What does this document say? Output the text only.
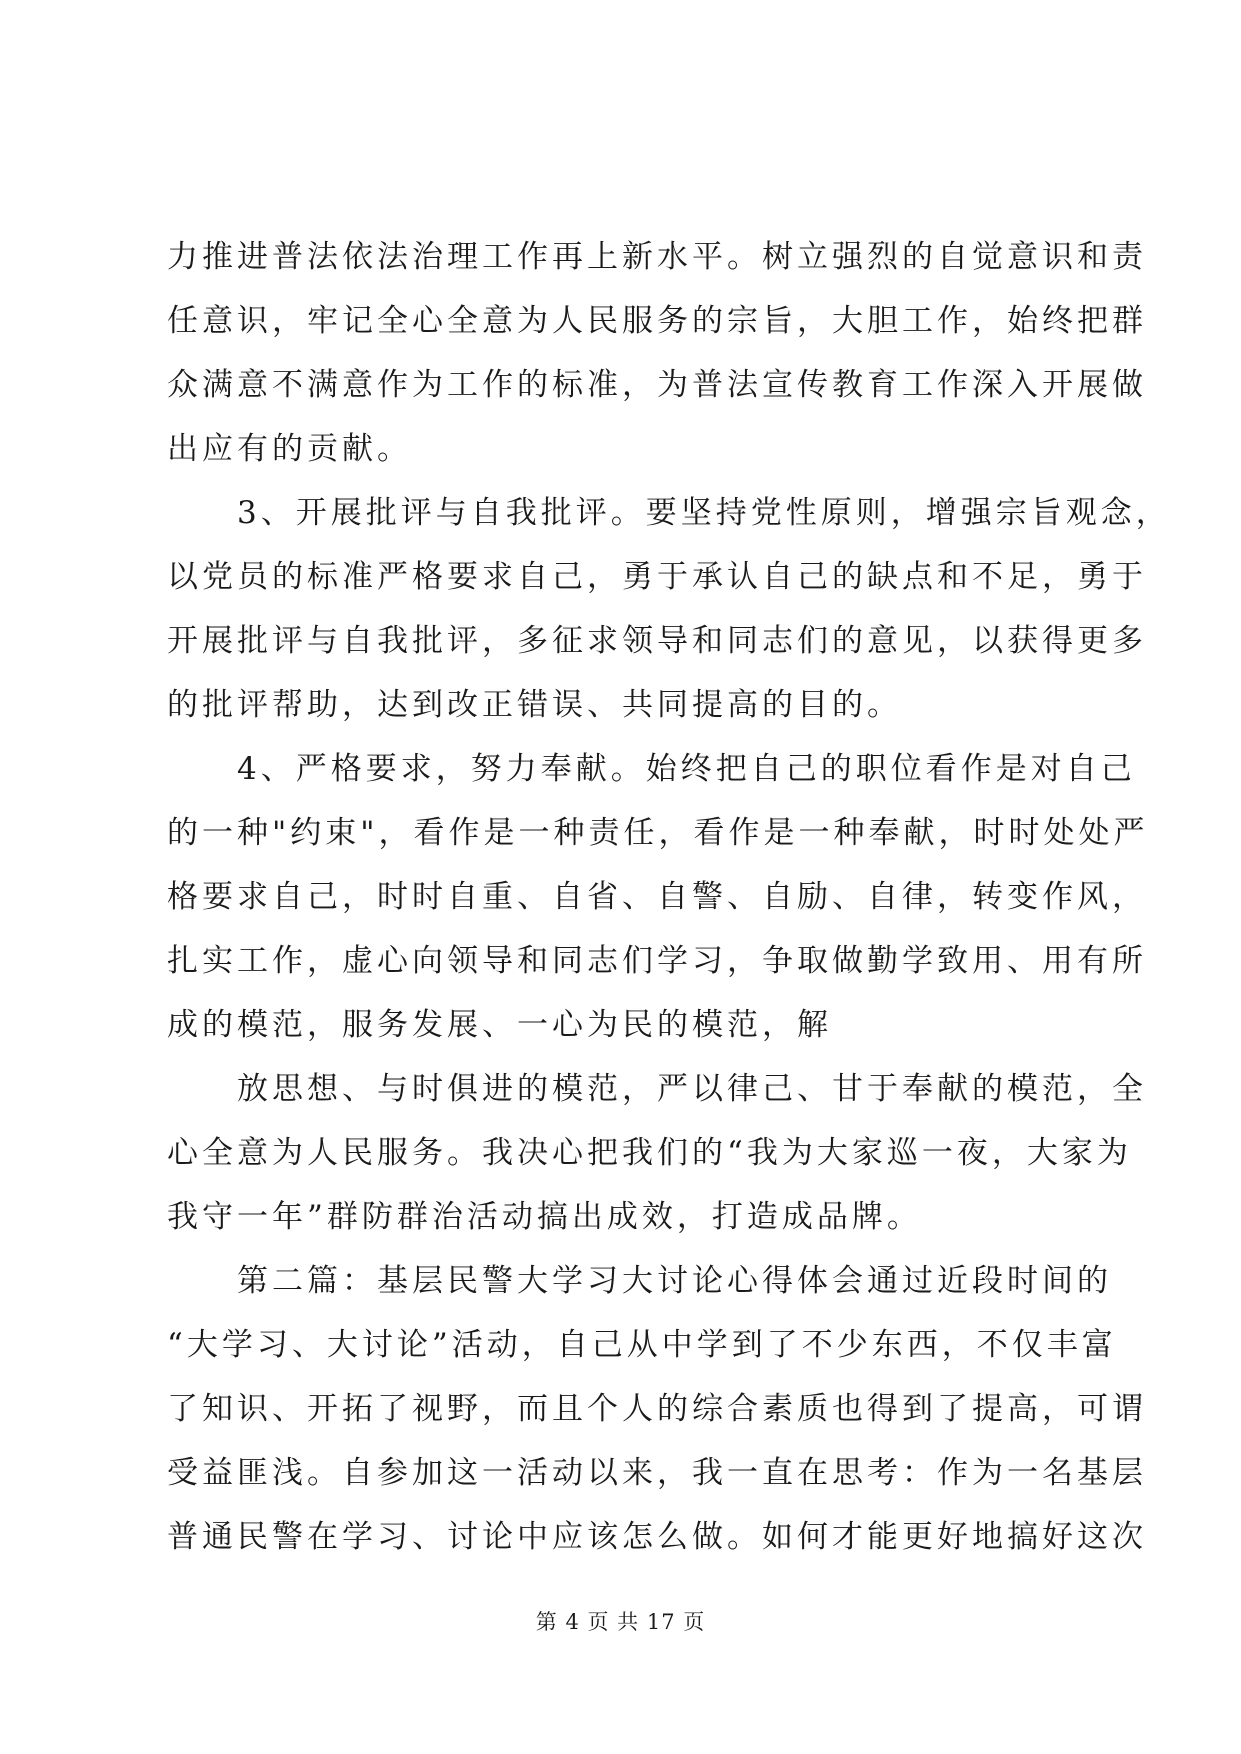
力推进普法依法治理工作再上新水平。树立强烈的自觉意识和责
任意识，牢记全心全意为人民服务的宗旨，大胆工作，始终把群
众满意不满意作为工作的标准，为普法宣传教育工作深入开展做
出应有的贡献。
　　3、开展批评与自我批评。要坚持党性原则，增强宗旨观念，
以党员的标准严格要求自己，勇于承认自己的缺点和不足，勇于
开展批评与自我批评，多征求领导和同志们的意见，以获得更多
的批评帮助，达到改正错误、共同提高的目的。
　　4、严格要求，努力奉献。始终把自己的职位看作是对自己
的一种"约束"，看作是一种责任，看作是一种奉献，时时处处严
格要求自己，时时自重、自省、自警、自励、自律，转变作风，
扎实工作，虚心向领导和同志们学习，争取做勤学致用、用有所
成的模范，服务发展、一心为民的模范，解
　　放思想、与时俱进的模范，严以律己、甘于奉献的模范，全
心全意为人民服务。我决心把我们的“我为大家巡一夜，大家为
我守一年”群防群治活动搞出成效，打造成品牌。
　　第二篇：基层民警大学习大讨论心得体会通过近段时间的
“大学习、大讨论”活动，自己从中学到了不少东西，不仅丰富
了知识、开拓了视野，而且个人的综合素质也得到了提高，可谓
受益匪浅。自参加这一活动以来，我一直在思考：作为一名基层
普通民警在学习、讨论中应该怎么做。如何才能更好地搞好这次
第 4 页 共 17 页
